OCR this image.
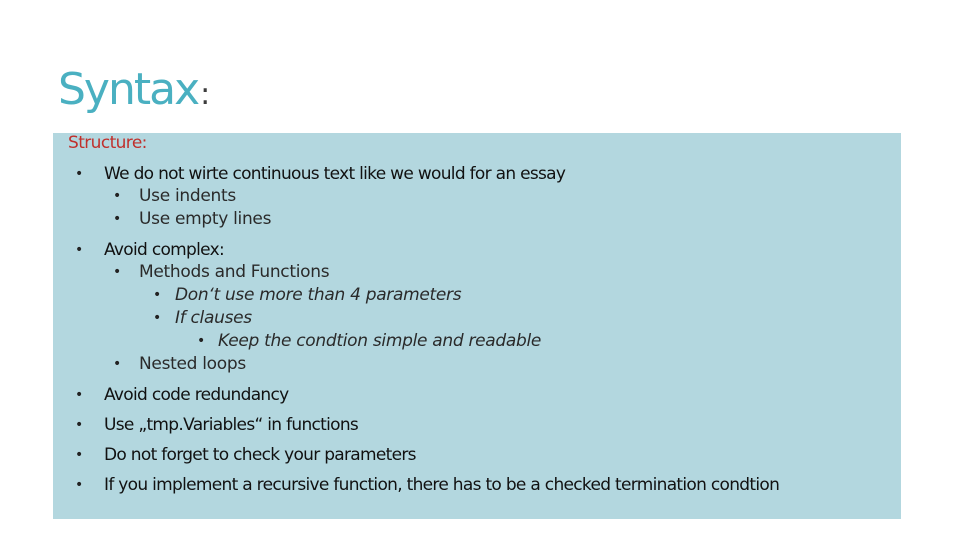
Syntax:
Structure:
• We do not wirte continuous text like we would for an essay
• Use indents
• Use empty lines
• Avoid complex:
• Methods and Functions
• Don‘t use more than 4 parameters
• If clauses
• Keep the condtion simple and readable
• Nested loops
• Avoid code redundancy
• Use „tmp.Variables“ in functions
• Do not forget to check your parameters
• If you implement a recursive function, there has to be a checked termination condtion
